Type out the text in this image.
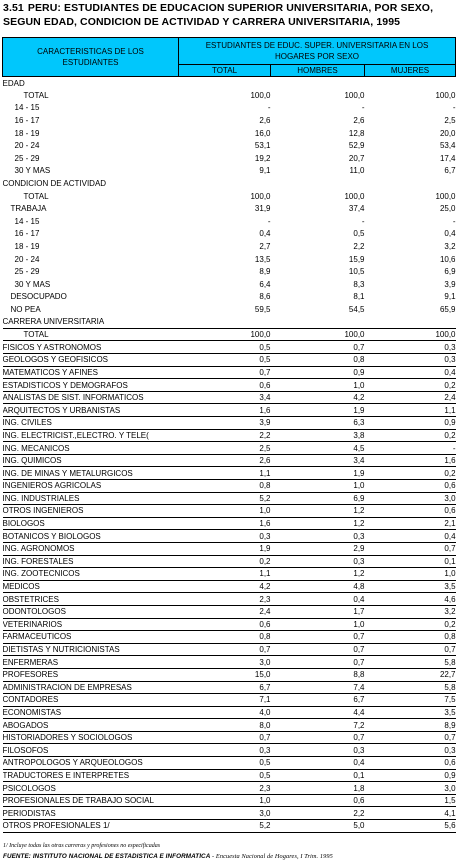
3.51 PERU: ESTUDIANTES DE EDUCACION SUPERIOR UNIVERSITARIA, POR SEXO,
SEGUN EDAD, CONDICION DE ACTIVIDAD Y CARRERA UNIVERSITARIA, 1995
CARACTERISTICAS DE LOS ESTUDIANTES	ESTUDIANTES DE EDUC. SUPER. UNIVERSITARIA EN LOS HOGARES POR SEXO		
	TOTAL	HOMBRES	MUJERES
EDAD			
TOTAL	100,0	100,0	100,0
14 - 15	-	-	-
16 - 17	2,6	2,6	2,5
18 - 19	16,0	12,8	20,0
20 - 24	53,1	52,9	53,4
25 - 29	19,2	20,7	17,4
30 Y MAS	9,1	11,0	6,7
CONDICION DE ACTIVIDAD			
TOTAL	100,0	100,0	100,0
TRABAJA	31,9	37,4	25,0
14 - 15	-	-	-
16 - 17	0,4	0,5	0,4
18 - 19	2,7	2,2	3,2
20 - 24	13,5	15,9	10,6
25 - 29	8,9	10,5	6,9
30 Y MAS	6,4	8,3	3,9
DESOCUPADO	8,6	8,1	9,1
NO PEA	59,5	54,5	65,9
CARRERA UNIVERSITARIA			
TOTAL	100,0	100,0	100,0
FISICOS Y ASTRONOMOS	0,5	0,7	0,3
GEOLOGOS Y GEOFISICOS	0,5	0,8	0,3
MATEMATICOS Y AFINES	0,7	0,9	0,4
ESTADISTICOS Y DEMOGRAFOS	0,6	1,0	0,2
ANALISTAS DE SIST. INFORMATICOS	3,4	4,2	2,4
ARQUITECTOS Y URBANISTAS	1,6	1,9	1,1
ING. CIVILES	3,9	6,3	0,9
ING. ELECTRICIST.,ELECTRO. Y TELE(	2,2	3,8	0,2
ING. MECANICOS	2,5	4,5	-
ING. QUIMICOS	2,6	3,4	1,6
ING. DE MINAS Y METALURGICOS	1,1	1,9	0,2
INGENIEROS AGRICOLAS	0,8	1,0	0,6
ING. INDUSTRIALES	5,2	6,9	3,0
OTROS INGENIEROS	1,0	1,2	0,6
BIOLOGOS	1,6	1,2	2,1
BOTANICOS Y BIOLOGOS	0,3	0,3	0,4
ING. AGRONOMOS	1,9	2,9	0,7
ING. FORESTALES	0,2	0,3	0,1
ING. ZOOTECNICOS	1,1	1,2	1,0
MEDICOS	4,2	4,8	3,5
OBSTETRICES	2,3	0,4	4,6
ODONTOLOGOS	2,4	1,7	3,2
VETERINARIOS	0,6	1,0	0,2
FARMACEUTICOS	0,8	0,7	0,8
DIETISTAS Y NUTRICIONISTAS	0,7	0,7	0,7
ENFERMERAS	3,0	0,7	5,8
PROFESORES	15,0	8,8	22,7
ADMINISTRACION DE EMPRESAS	6,7	7,4	5,8
CONTADORES	7,1	6,7	7,5
ECONOMISTAS	4,0	4,4	3,5
ABOGADOS	8,0	7,2	8,9
HISTORIADORES Y SOCIOLOGOS	0,7	0,7	0,7
FILOSOFOS	0,3	0,3	0,3
ANTROPOLOGOS Y ARQUEOLOGOS	0,5	0,4	0,6
TRADUCTORES E INTERPRETES	0,5	0,1	0,9
PSICOLOGOS	2,3	1,8	3,0
PROFESIONALES DE TRABAJO SOCIAL	1,0	0,6	1,5
PERIODISTAS	3,0	2,2	4,1
OTROS PROFESIONALES 1/	5,2	5,0	5,6
1/ Incluye todas las otras carreras y profesiones no especificadas
FUENTE: INSTITUTO NACIONAL DE ESTADISTICA E INFORMATICA - Encuesta Nacional de Hogares, I Trim. 1995
